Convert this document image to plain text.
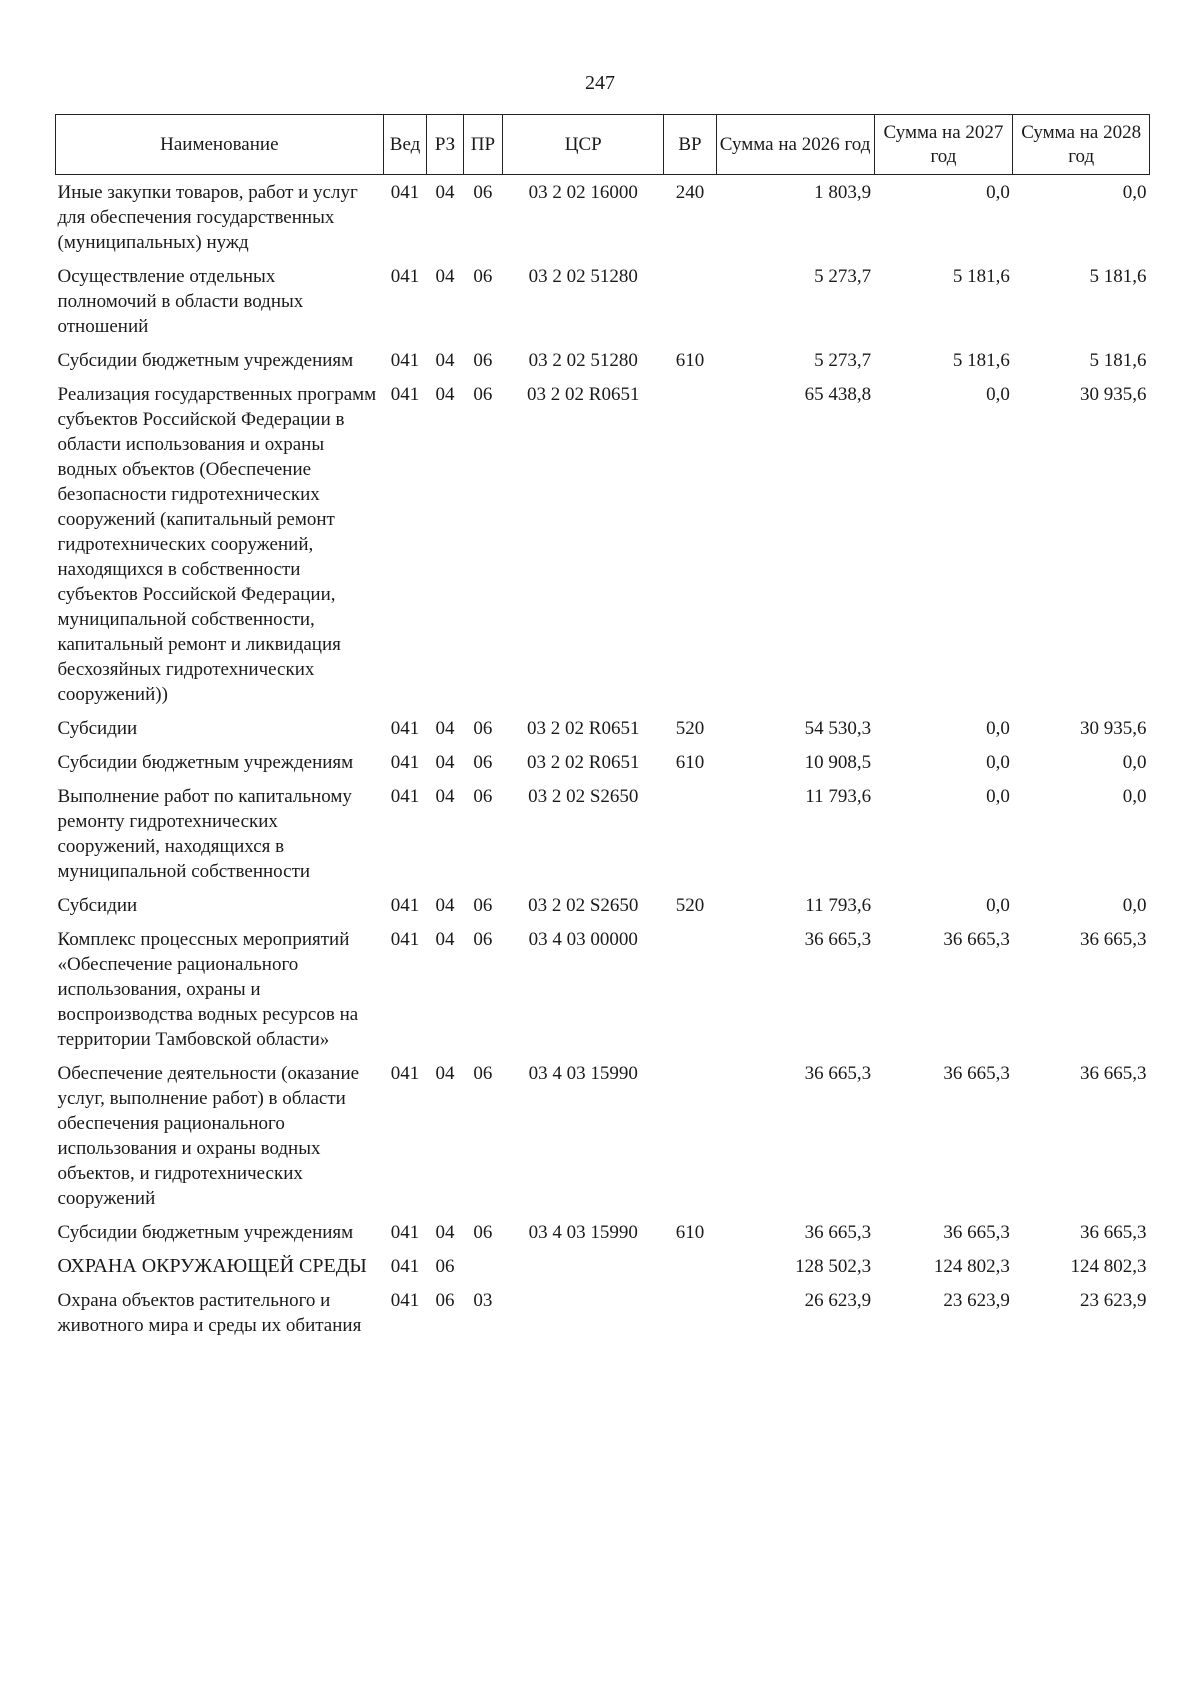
247
Наименование	Вед	РЗ	ПР	ЦСР	ВР	Сумма на 2026 год	Сумма на 2027 год	Сумма на 2028 год
Иные закупки товаров, работ и услуг для обеспечения государственных (муниципальных) нужд	041	04	06	03 2 02 16000	240	1 803,9	0,0	0,0
Осуществление отдельных полномочий в области водных отношений	041	04	06	03 2 02 51280		5 273,7	5 181,6	5 181,6
Субсидии бюджетным учреждениям	041	04	06	03 2 02 51280	610	5 273,7	5 181,6	5 181,6
Реализация государственных программ субъектов Российской Федерации в области использования и охраны водных объектов (Обеспечение безопасности гидротехнических сооружений (капитальный ремонт гидротехнических сооружений, находящихся в собственности субъектов Российской Федерации, муниципальной собственности, капитальный ремонт и ликвидация бесхозяйных гидротехнических сооружений))	041	04	06	03 2 02 R0651		65 438,8	0,0	30 935,6
Субсидии	041	04	06	03 2 02 R0651	520	54 530,3	0,0	30 935,6
Субсидии бюджетным учреждениям	041	04	06	03 2 02 R0651	610	10 908,5	0,0	0,0
Выполнение работ по капитальному ремонту гидротехнических сооружений, находящихся в муниципальной собственности	041	04	06	03 2 02 S2650		11 793,6	0,0	0,0
Субсидии	041	04	06	03 2 02 S2650	520	11 793,6	0,0	0,0
Комплекс процессных мероприятий «Обеспечение рационального использования, охраны и воспроизводства водных ресурсов на территории Тамбовской области»	041	04	06	03 4 03 00000		36 665,3	36 665,3	36 665,3
Обеспечение деятельности (оказание услуг, выполнение работ) в области обеспечения рационального использования и охраны водных объектов, и гидротехнических сооружений	041	04	06	03 4 03 15990		36 665,3	36 665,3	36 665,3
Субсидии бюджетным учреждениям	041	04	06	03 4 03 15990	610	36 665,3	36 665,3	36 665,3
ОХРАНА ОКРУЖАЮЩЕЙ СРЕДЫ	041	06				128 502,3	124 802,3	124 802,3
Охрана объектов растительного и животного мира и среды их обитания	041	06	03			26 623,9	23 623,9	23 623,9
